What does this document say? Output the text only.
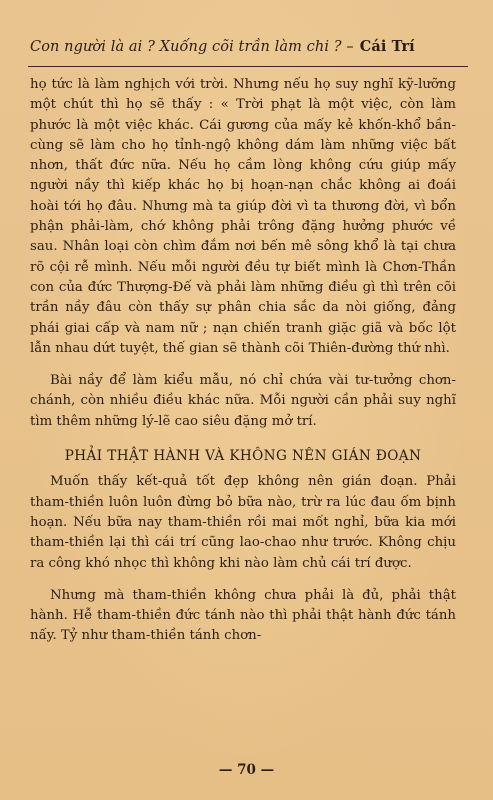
Con người là ai ? Xuống cõi trần làm chi ? – Cái Trí

họ tức là làm nghịch với trời. Nhưng nếu họ suy nghĩ kỹ-lưỡng một chút thì họ sẽ thấy : « Trời phạt là một việc, còn làm phước là một việc khác. Cái gương của mấy kẻ khốn-khổ bần-cùng sẽ làm cho họ tỉnh-ngộ không dám làm những việc bất nhơn, thất đức nữa. Nếu họ cầm lòng không cứu giúp mấy người nầy thì kiếp khác họ bị hoạn-nạn chắc không ai đoái hoài tới họ đâu. Nhưng mà ta giúp đời vì ta thương đời, vì bổn phận phải-làm, chớ không phải trông đặng hưởng phước về sau. Nhân loại còn chìm đắm nơi bến mê sông khổ là tại chưa rõ cội rễ mình. Nếu mỗi người đều tự biết mình là Chơn-Thần con của đức Thượng-Đế và phải làm những điều gì thì trên cõi trần nầy đâu còn thấy sự phân chia sắc da nòi giống, đảng phái giai cấp và nam nữ ; nạn chiến tranh giặc giã và bốc lột lẫn nhau dứt tuyệt, thế gian sẽ thành cõi Thiên-đường thứ nhì.

Bài nầy để làm kiểu mẫu, nó chỉ chứa vài tư-tưởng chơn-chánh, còn nhiều điều khác nữa. Mỗi người cần phải suy nghĩ tìm thêm những lý-lẽ cao siêu đặng mở trí.

PHẢI THẬT HÀNH VÀ KHÔNG NÊN GIÁN ĐOẠN

Muốn thấy kết-quả tốt đẹp không nên gián đoạn. Phải tham-thiền luôn luôn đừng bỏ bữa nào, trừ ra lúc đau ốm bịnh hoạn. Nếu bữa nay tham-thiền rồi mai mốt nghỉ, bữa kia mới tham-thiền lại thì cái trí cũng lao-chao như trước. Không chịu ra công khó nhọc thì không khi nào làm chủ cái trí được.

Nhưng mà tham-thiền không chưa phải là đủ, phải thật hành. Hễ tham-thiền đức tánh nào thì phải thật hành đức tánh nấy. Tỷ như tham-thiền tánh chơn-

— 70 —
